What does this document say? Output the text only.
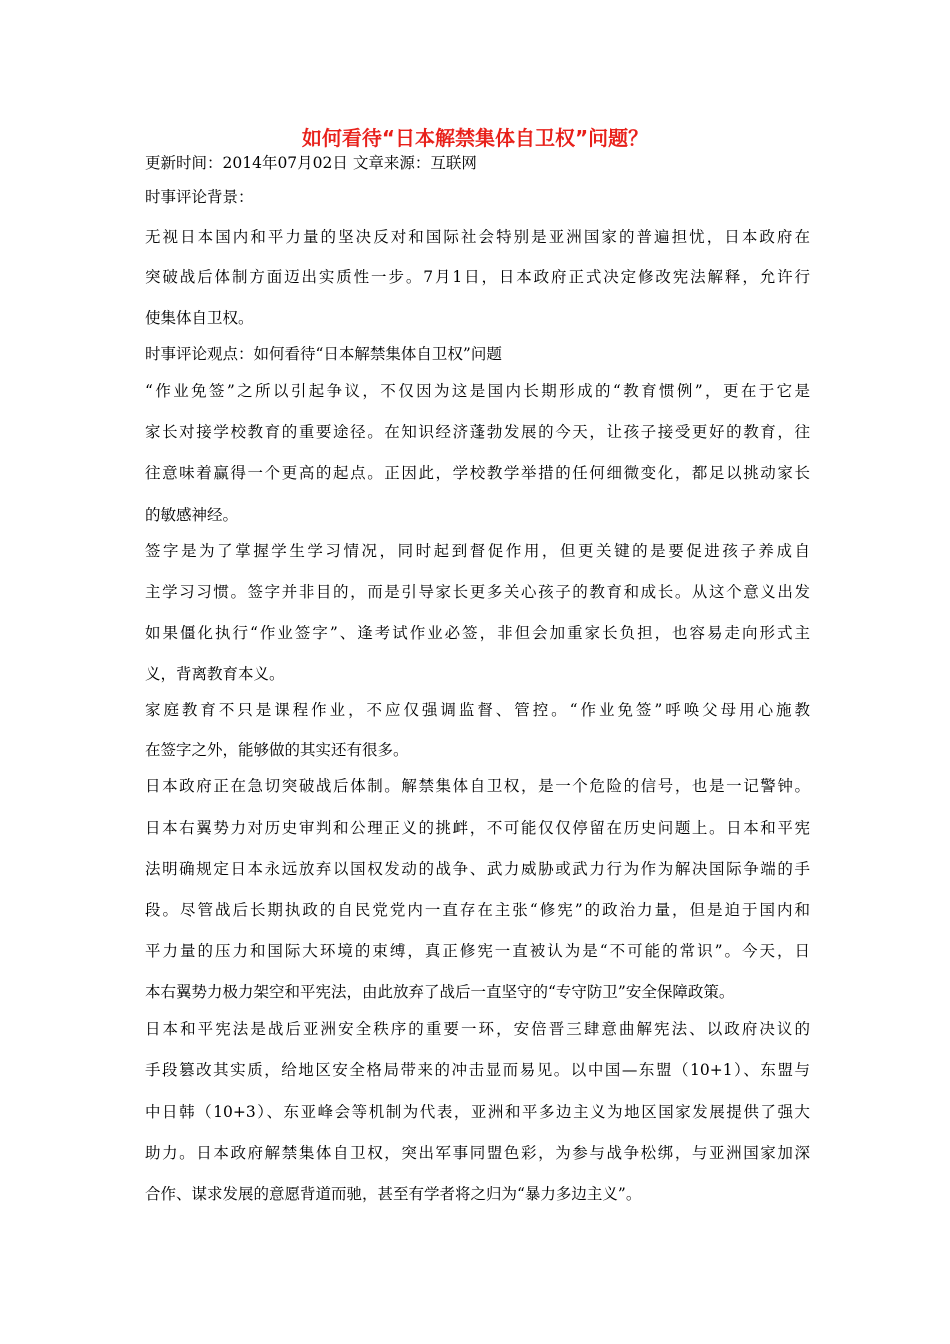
如何看待“日本解禁集体自卫权”问题？
更新时间：2014年07月02日 文章来源：互联网
时事评论背景：
无视日本国内和平力量的坚决反对和国际社会特别是亚洲国家的普遍担忧，日本政府在
突破战后体制方面迈出实质性一步。7月1日，日本政府正式决定修改宪法解释，允许行
使集体自卫权。
时事评论观点：如何看待“日本解禁集体自卫权”问题
“作业免签”之所以引起争议，不仅因为这是国内长期形成的“教育惯例”，更在于它是
家长对接学校教育的重要途径。在知识经济蓬勃发展的今天，让孩子接受更好的教育，往
往意味着赢得一个更高的起点。正因此，学校教学举措的任何细微变化，都足以挑动家长
的敏感神经。
签字是为了掌握学生学习情况，同时起到督促作用，但更关键的是要促进孩子养成自
主学习习惯。签字并非目的，而是引导家长更多关心孩子的教育和成长。从这个意义出发
如果僵化执行“作业签字”、逢考试作业必签，非但会加重家长负担，也容易走向形式主
义，背离教育本义。
家庭教育不只是课程作业，不应仅强调监督、管控。“作业免签”呼唤父母用心施教
在签字之外，能够做的其实还有很多。
日本政府正在急切突破战后体制。解禁集体自卫权，是一个危险的信号，也是一记警钟。
日本右翼势力对历史审判和公理正义的挑衅，不可能仅仅停留在历史问题上。日本和平宪
法明确规定日本永远放弃以国权发动的战争、武力威胁或武力行为作为解决国际争端的手
段。尽管战后长期执政的自民党党内一直存在主张“修宪”的政治力量，但是迫于国内和
平力量的压力和国际大环境的束缚，真正修宪一直被认为是“不可能的常识”。今天，日
本右翼势力极力架空和平宪法，由此放弃了战后一直坚守的“专守防卫”安全保障政策。
日本和平宪法是战后亚洲安全秩序的重要一环，安倍晋三肆意曲解宪法、以政府决议的
手段篡改其实质，给地区安全格局带来的冲击显而易见。以中国—东盟（10+1）、东盟与
中日韩（10+3）、东亚峰会等机制为代表，亚洲和平多边主义为地区国家发展提供了强大
助力。日本政府解禁集体自卫权，突出军事同盟色彩，为参与战争松绑，与亚洲国家加深
合作、谋求发展的意愿背道而驰，甚至有学者将之归为“暴力多边主义”。
